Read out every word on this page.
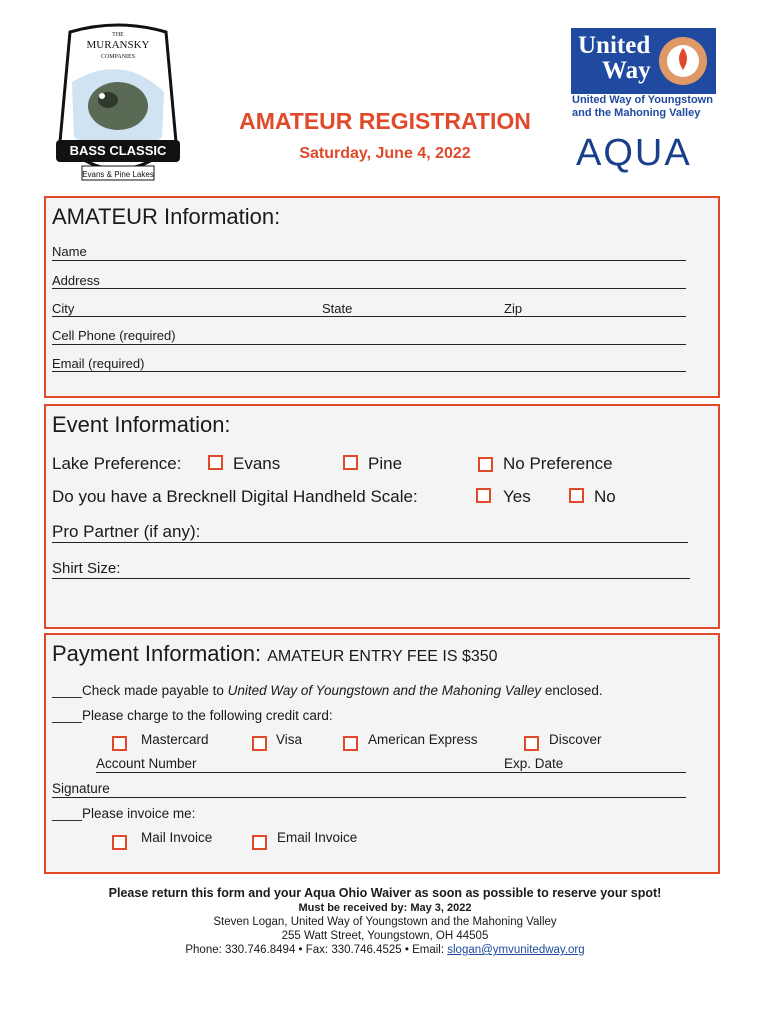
BASS CLASSIC
Evans & Pine Lakes
THE
MURANSKY
COMPANIES
AMATEUR REGISTRATION
Saturday, June 4, 2022
United
Way
United Way of Youngstown
and the Mahoning Valley
AQUA
AMATEUR Information:
Name
Address
City	State	Zip
Cell Phone (required)
Email (required)
Event Information:
Lake Preference:	Evans	Pine	No Preference
Do you have a Brecknell Digital Handheld Scale:	Yes	No
Pro Partner (if any):
Shirt Size:
Payment Information: AMATEUR ENTRY FEE IS $350
____Check made payable to United Way of Youngstown and the Mahoning Valley enclosed.
____Please charge to the following credit card:
Mastercard	Visa	American Express	Discover
Account Number	Exp. Date
Signature
____Please invoice me:
Mail Invoice	Email Invoice
Please return this form and your Aqua Ohio Waiver as soon as possible to reserve your spot!
Must be received by: May 3, 2022
Steven Logan, United Way of Youngstown and the Mahoning Valley
255 Watt Street, Youngstown, OH 44505
Phone: 330.746.8494 • Fax: 330.746.4525 • Email: slogan@ymvunitedway.org
